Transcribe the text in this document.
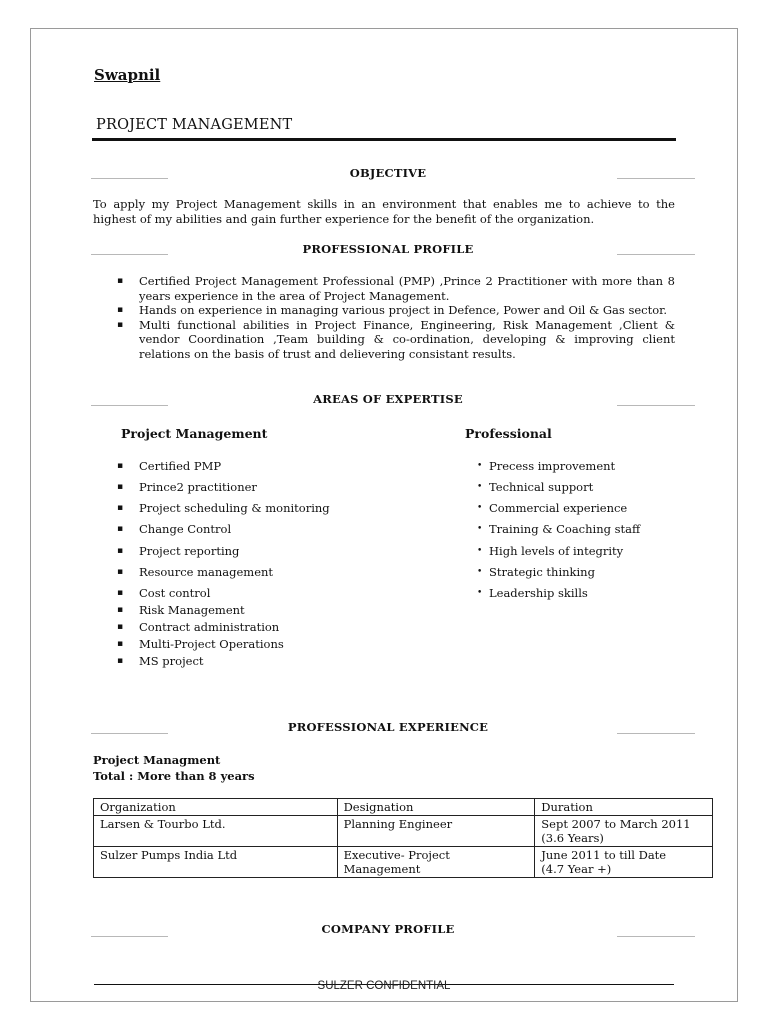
Swapnil
PROJECT MANAGEMENT
OBJECTIVE
To apply my Project Management skills in an environment that enables me to achieve to the highest of my abilities and gain further experience for the benefit of the organization.
PROFESSIONAL PROFILE
▪ Certified Project Management Professional (PMP) ,Prince 2 Practitioner with more than 8 years experience in the area of Project Management.
▪ Hands on experience in managing various project in Defence, Power and Oil & Gas sector.
▪ Multi functional abilities in Project Finance, Engineering, Risk Management ,Client & vendor Coordination ,Team building & co-ordination, developing & improving client relations on the basis of trust and delievering consistant results.
AREAS OF EXPERTISE
Project Management	Professional
▪ Certified PMP
▪ Prince2 practitioner
▪ Project scheduling & monitoring
▪ Change Control
▪ Project reporting
▪ Resource management
▪ Cost control
▪ Risk Management
▪ Contract administration
▪ Multi-Project Operations
▪ MS project
• Precess improvement
• Technical support
• Commercial experience
• Training & Coaching staff
• High levels of integrity
• Strategic thinking
• Leadership skills
PROFESSIONAL EXPERIENCE
Project Managment
Total : More than 8 years
Organization	Designation	Duration
Larsen & Tourbo Ltd.	Planning Engineer	Sept 2007 to March 2011
(3.6 Years)

Sulzer Pumps India Ltd	Executive- Project Management	June 2011 to till Date
(4.7 Year +)
COMPANY PROFILE
SULZER CONFIDENTIAL
